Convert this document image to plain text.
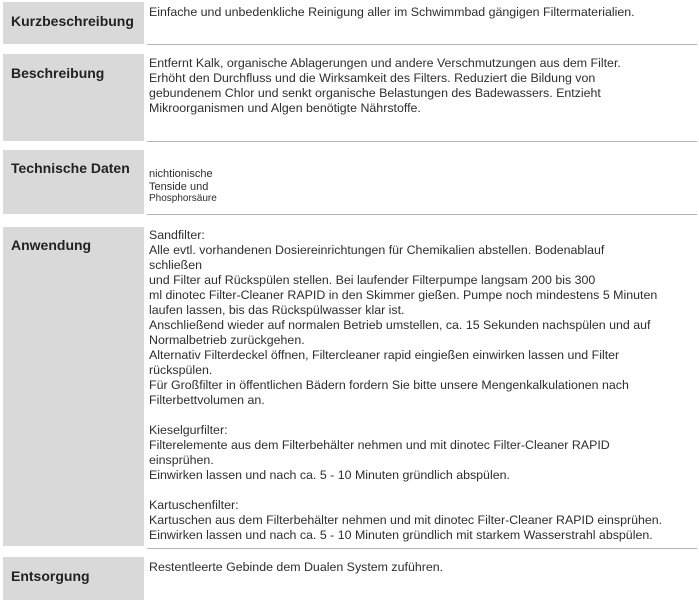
Kurzbeschreibung
Einfache und unbedenkliche Reinigung aller im Schwimmbad gängigen Filtermaterialien.
Beschreibung
Entfernt Kalk, organische Ablagerungen und andere Verschmutzungen aus dem Filter.
Erhöht den Durchfluss und die Wirksamkeit des Filters. Reduziert die Bildung von
gebundenem Chlor und senkt organische Belastungen des Badewassers. Entzieht
Mikroorganismen und Algen benötigte Nährstoffe.
Technische Daten	nichtionische
Tenside und
Phosphorsäure
Anwendung
Sandfilter:
Alle evtl. vorhandenen Dosiereinrichtungen für Chemikalien abstellen. Bodenablauf
schließen
und Filter auf Rückspülen stellen. Bei laufender Filterpumpe langsam 200 bis 300
ml dinotec Filter-Cleaner RAPID in den Skimmer gießen. Pumpe noch mindestens 5 Minuten
laufen lassen, bis das Rückspülwasser klar ist.
Anschließend wieder auf normalen Betrieb umstellen, ca. 15 Sekunden nachspülen und auf
Normalbetrieb zurückgehen.
Alternativ Filterdeckel öffnen, Filtercleaner rapid eingießen einwirken lassen und Filter
rückspülen.
Für Großfilter in öffentlichen Bädern fordern Sie bitte unsere Mengenkalkulationen nach
Filterbettvolumen an.
Kieselgurfilter:
Filterelemente aus dem Filterbehälter nehmen und mit dinotec Filter-Cleaner RAPID
einsprühen.
Einwirken lassen und nach ca. 5 - 10 Minuten gründlich abspülen.
Kartuschenfilter:
Kartuschen aus dem Filterbehälter nehmen und mit dinotec Filter-Cleaner RAPID einsprühen.
Einwirken lassen und nach ca. 5 - 10 Minuten gründlich mit starkem Wasserstrahl abspülen.
Entsorgung
Restentleerte Gebinde dem Dualen System zuführen.
